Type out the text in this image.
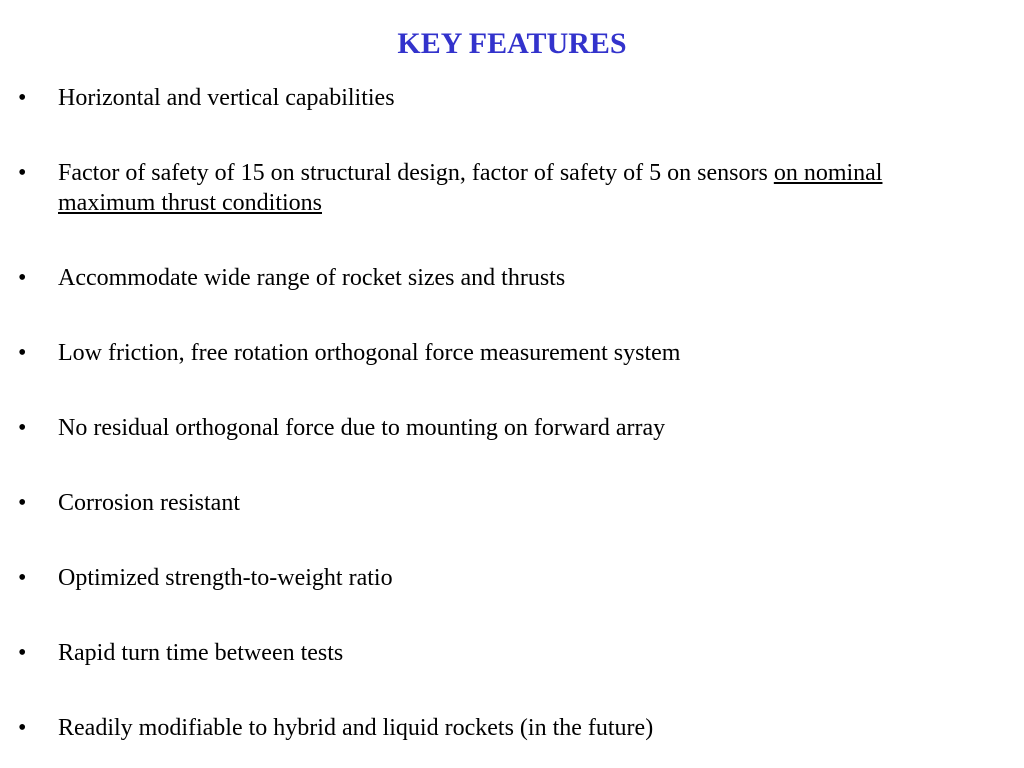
KEY FEATURES
•	Horizontal and vertical capabilities
•	Factor of safety of 15 on structural design, factor of safety of 5 on sensors on nominal maximum thrust conditions
•	Accommodate wide range of rocket sizes and thrusts
•	Low friction, free rotation orthogonal force measurement system
•	No residual orthogonal force due to mounting on forward array
•	Corrosion resistant
•	Optimized strength-to-weight ratio
•	Rapid turn time between tests
•	Readily modifiable to hybrid and liquid rockets (in the future)
